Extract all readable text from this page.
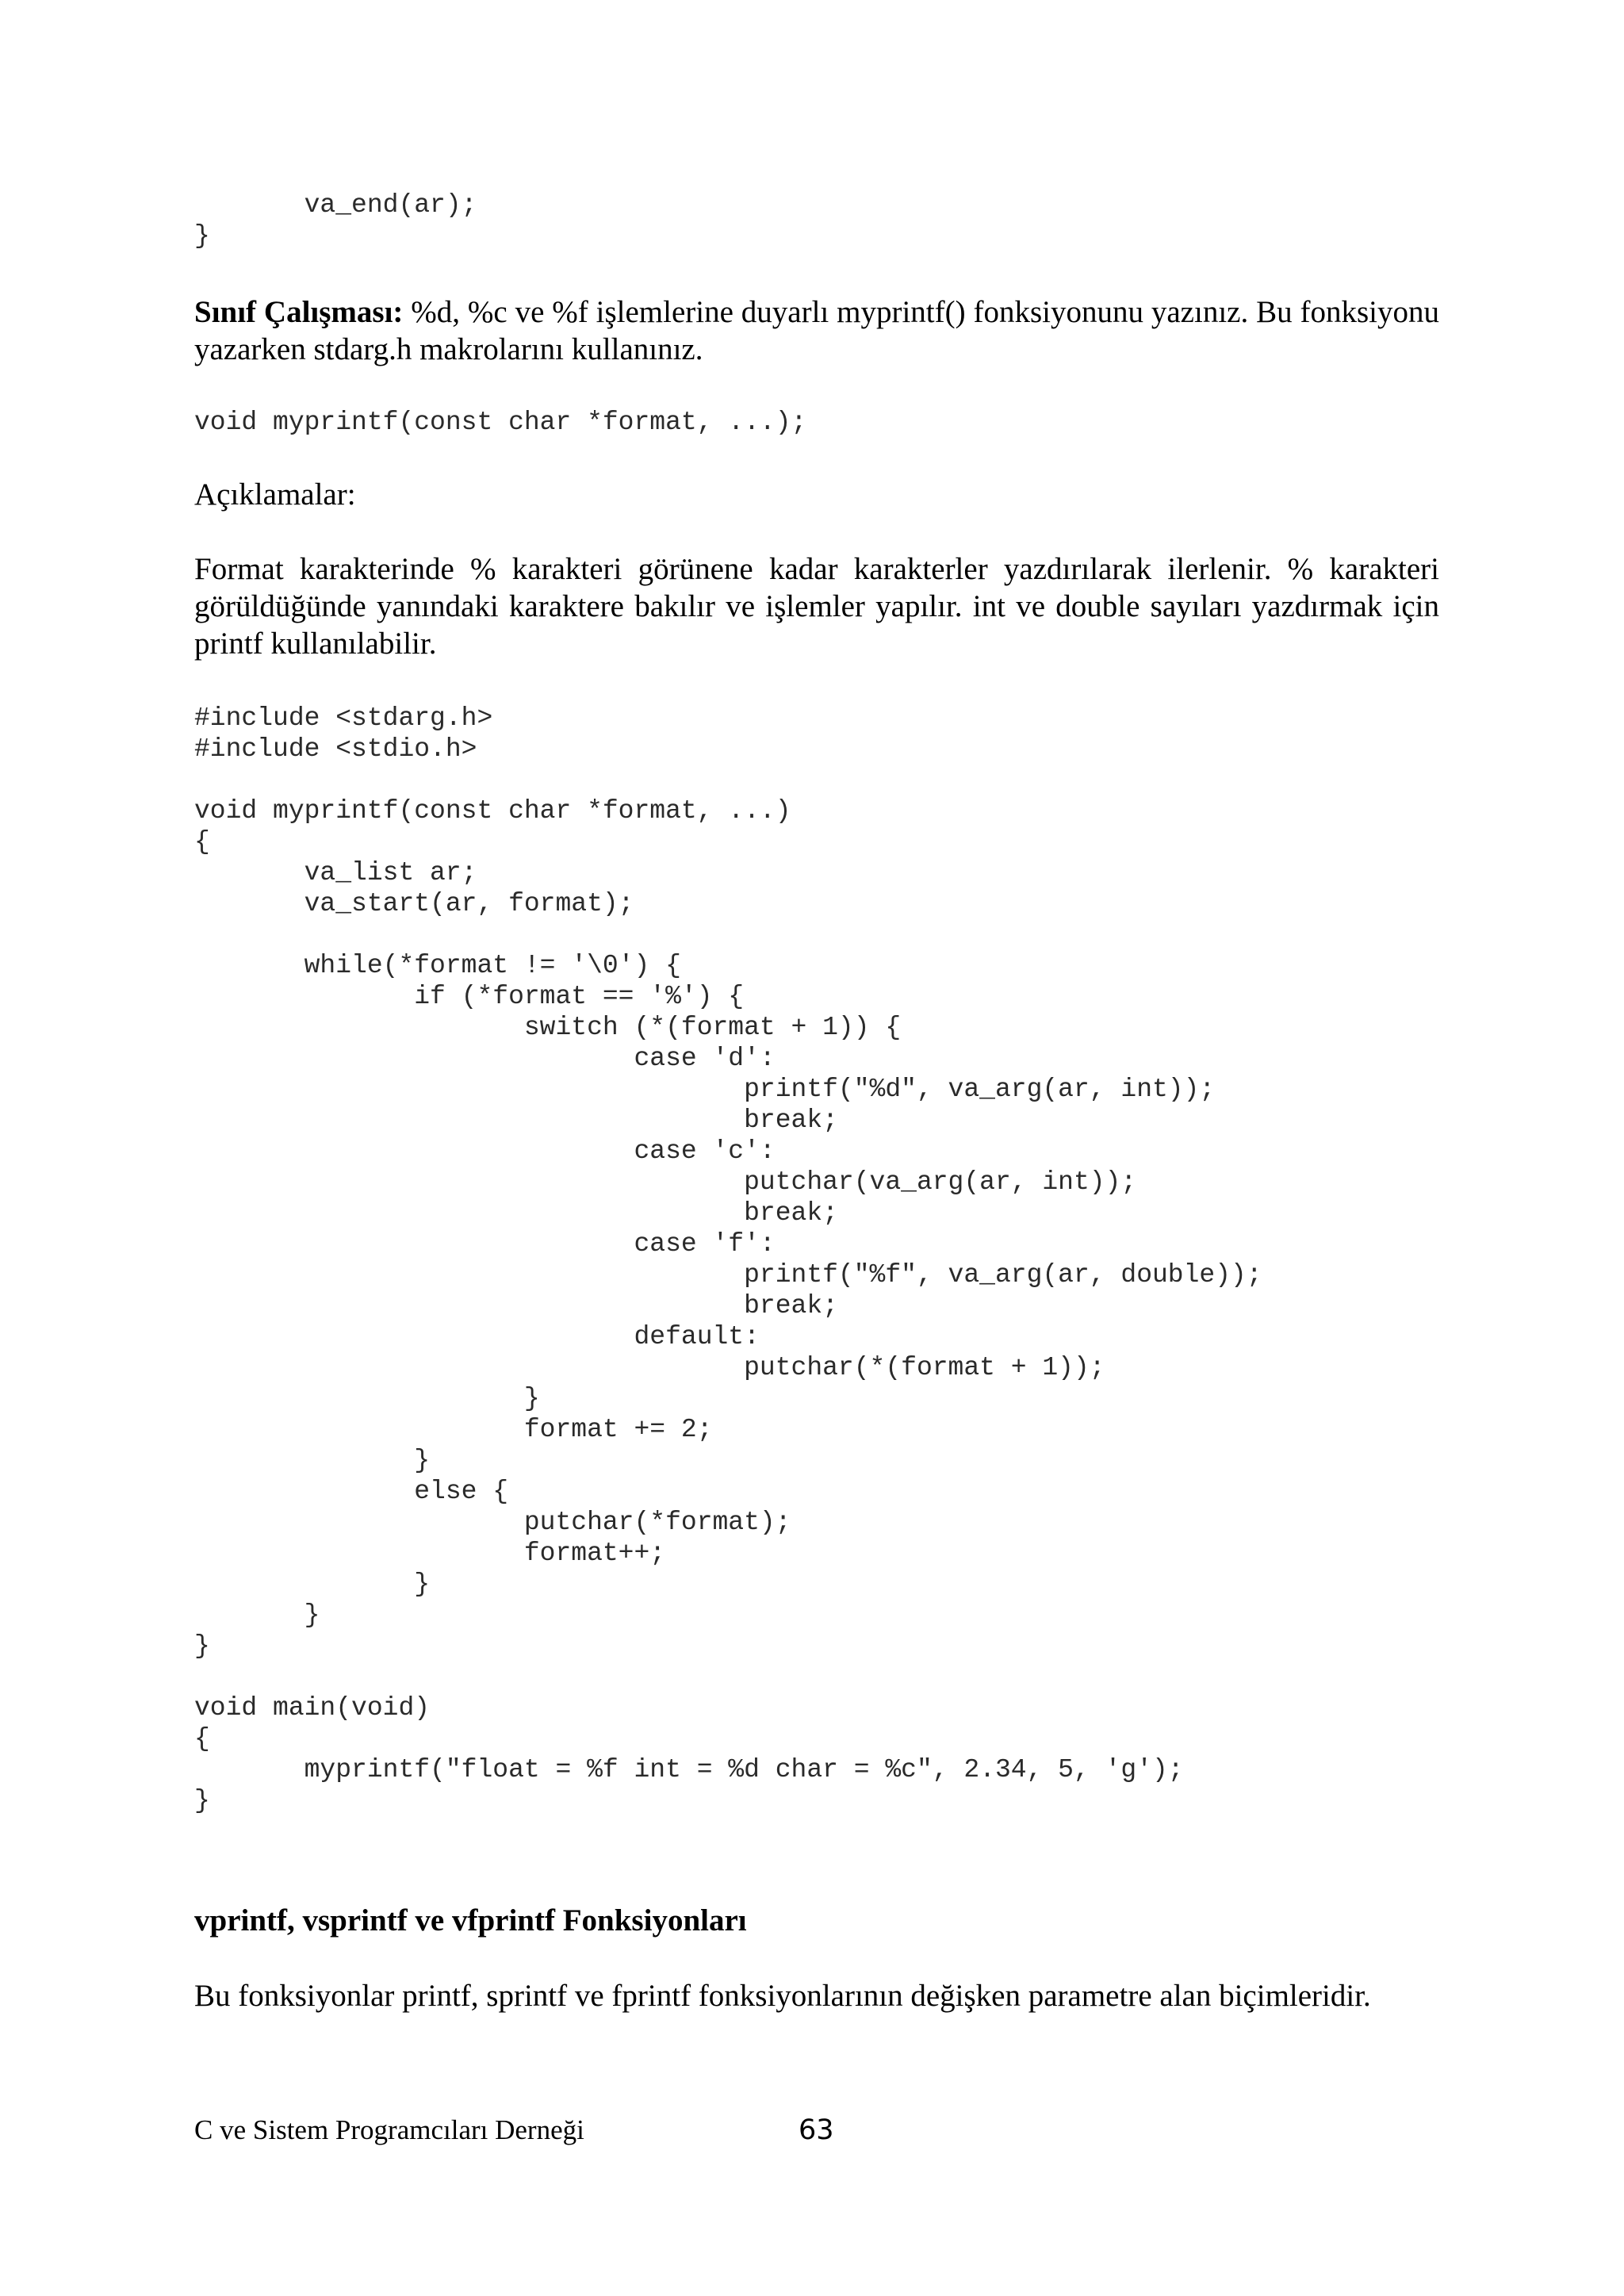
va_end(ar);
}

Sınıf Çalışması: %d, %c ve %f işlemlerine duyarlı myprintf() fonksiyonunu yazınız. Bu fonksiyonu yazarken stdarg.h makrolarını kullanınız.

void myprintf(const char *format, ...);

Açıklamalar:

Format karakterinde % karakteri görünene kadar karakterler yazdırılarak ilerlenir. % karakteri görüldüğünde yanındaki karaktere bakılır ve işlemler yapılır. int ve double sayıları yazdırmak için printf kullanılabilir.

#include <stdarg.h>
#include <stdio.h>

void myprintf(const char *format, ...)
{
va_list ar;
va_start(ar, format);

while(*format != '\0') {
if (*format == '%') {
switch (*(format + 1)) {
case 'd':
printf("%d", va_arg(ar, int));
break;
case 'c':
putchar(va_arg(ar, int));
break;
case 'f':
printf("%f", va_arg(ar, double));
break;
default:
putchar(*(format + 1));
}
format += 2;
}
else {
putchar(*format);
format++;
}
}
}

void main(void)
{
myprintf("float = %f int = %d char = %c", 2.34, 5, 'g');
}

vprintf, vsprintf ve vfprintf Fonksiyonları

Bu fonksiyonlar printf, sprintf ve fprintf fonksiyonlarının değişken parametre alan biçimleridir.

C ve Sistem Programcıları Derneği	63
